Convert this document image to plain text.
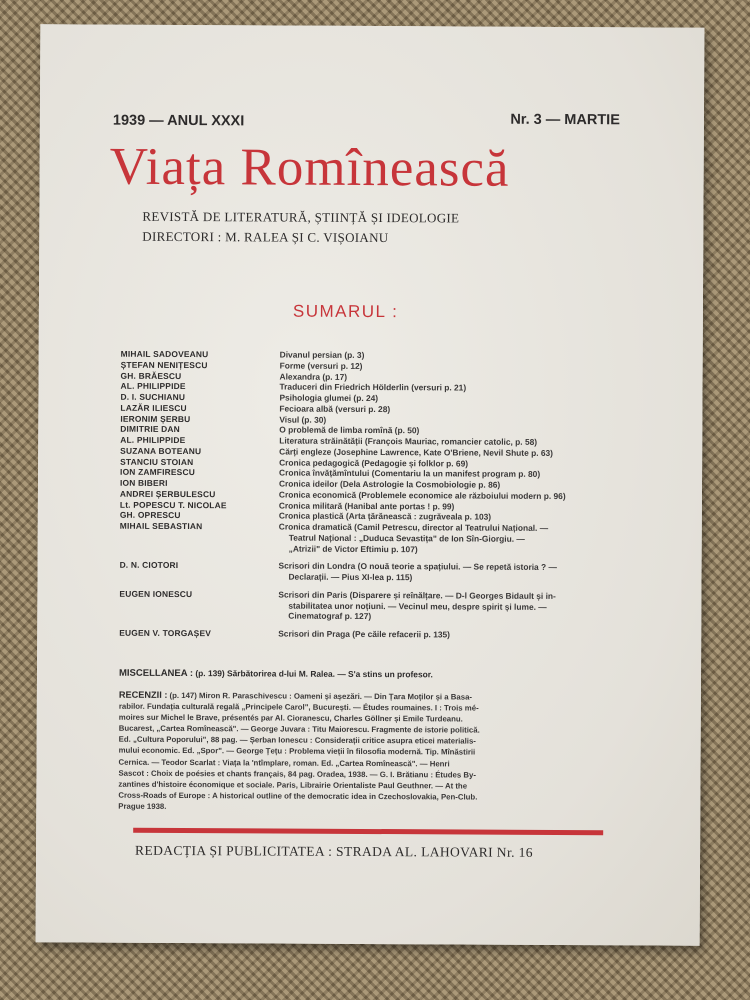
1939 — ANUL XXXI	Nr. 3 — MARTIE
Viața Romînească
REVISTĂ DE LITERATURĂ, ȘTIINȚĂ ȘI IDEOLOGIE
DIRECTORI : M. RALEA ȘI C. VIȘOIANU
SUMARUL :
MIHAIL SADOVEANU	Divanul persian (p. 3)
ȘTEFAN NENIȚESCU	Forme (versuri p. 12)
GH. BRĂESCU	Alexandra (p. 17)
AL. PHILIPPIDE	Traduceri din Friedrich Hölderlin (versuri p. 21)
D. I. SUCHIANU	Psihologia glumei (p. 24)
LAZĂR ILIESCU	Fecioara albă (versuri p. 28)
IERONIM ȘERBU	Visul (p. 30)
DIMITRIE DAN	O problemă de limba romînă (p. 50)
AL. PHILIPPIDE	Literatura străinătății (François Mauriac, romancier catolic, p. 58)
SUZANA BOTEANU	Cărți engleze (Josephine Lawrence, Kate O'Briene, Nevil Shute p. 63)
STANCIU STOIAN	Cronica pedagogică (Pedagogie și folklor p. 69)
ION ZAMFIRESCU	Cronica învățămîntului (Comentariu la un manifest program p. 80)
ION BIBERI	Cronica ideilor (Dela Astrologie la Cosmobiologie p. 86)
ANDREI ȘERBULESCU	Cronica economică (Problemele economice ale războiului modern p. 96)
Lt. POPESCU T. NICOLAE	Cronica militară (Hanibal ante portas ! p. 99)
GH. OPRESCU	Cronica plastică (Arta țărănească : zugrăveala p. 103)
MIHAIL SEBASTIAN	Cronica dramatică (Camil Petrescu, director al Teatrului Național. —
Teatrul Național : „Duduca Sevastița" de Ion Sîn-Giorgiu. —
„Atrizii" de Victor Eftimiu p. 107)
D. N. CIOTORI	Scrisori din Londra (O nouă teorie a spațiului. — Se repetă istoria ? —
Declarații. — Pius XI-lea p. 115)
EUGEN IONESCU	Scrisori din Paris (Disparere și reînălțare. — D-l Georges Bidault și in-
stabilitatea unor noțiuni. — Vecinul meu, despre spirit și lume. —
Cinematograf p. 127)
EUGEN V. TORGAȘEV	Scrisori din Praga (Pe căile refacerii p. 135)
MISCELLANEA : (p. 139) Sărbătorirea d-lui M. Ralea. — S'a stins un profesor.
RECENZII : (p. 147) Miron R. Paraschivescu : Oameni și așezări. — Din Țara Moților și a Basa-
rabilor. Fundația culturală regală „Principele Carol", București. — Études roumaines. I : Trois mé-
moires sur Michel le Brave, présentés par Al. Cioranescu, Charles Göllner și Emile Turdeanu.
Bucarest, „Cartea Romînească". — George Juvara : Titu Maiorescu. Fragmente de istorie politică.
Ed. „Cultura Poporului", 88 pag. — Șerban Ionescu : Considerații critice asupra eticei materialis-
mului economic. Ed. „Spor". — George Țețu : Problema vieții în filosofia modernă. Tip. Mînăstirii
Cernica. — Teodor Scarlat : Viața la 'ntîmplare, roman. Ed. „Cartea Romînească". — Henri
Sascot : Choix de poésies et chants français, 84 pag. Oradea, 1938. — G. I. Brătianu : Études By-
zantines d'histoire économique et sociale. Paris, Librairie Orientaliste Paul Geuthner. — At the
Cross-Roads of Europe : A historical outline of the democratic idea in Czechoslovakia, Pen-Club.
Prague 1938.
REDACȚIA ȘI PUBLICITATEA : STRADA AL. LAHOVARI Nr. 16
